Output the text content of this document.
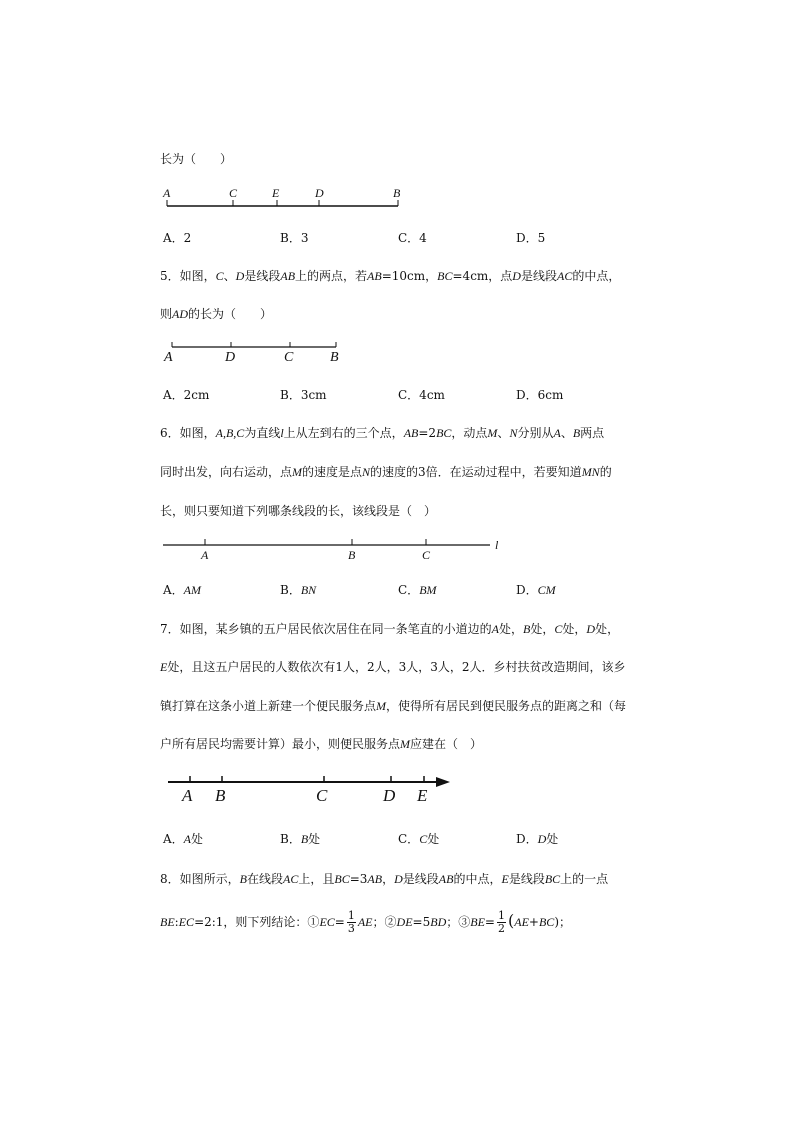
长为（　　）
A	C	E	D	B
A．2	B．3	C．4	D．5
5．如图，C、D是线段AB上的两点，若AB=10cm，BC=4cm，点D是线段AC的中点，
则AD的长为（　　）
A	D	C	B
A．2cm	B．3cm	C．4cm	D．6cm
6．如图，A,B,C为直线l上从左到右的三个点，AB=2BC，动点M、N分别从A、B两点
同时出发，向右运动，点M的速度是点N的速度的3倍．在运动过程中，若要知道MN的
长，则只要知道下列哪条线段的长，该线段是（　）
A	B	C
l
A．AM	B．BN	C．BM	D．CM
7．如图，某乡镇的五户居民依次居住在同一条笔直的小道边的A处，B处，C处，D处，
E处，且这五户居民的人数依次有1人，2人，3人，3人，2人．乡村扶贫改造期间，该乡
镇打算在这条小道上新建一个便民服务点M，使得所有居民到便民服务点的距离之和（每
户所有居民均需要计算）最小，则便民服务点M应建在（　）
A B	C	D E
A．A处	B．B处	C．C处	D．D处
8．如图所示，B在线段AC上，且BC=3AB，D是线段AB的中点，E是线段BC上的一点
BE:EC=2:1，则下列结论：①EC= $\frac{1}{3}$ AE；②DE=5BD；③BE= $\frac{1}{2} (AE+BC)$；
